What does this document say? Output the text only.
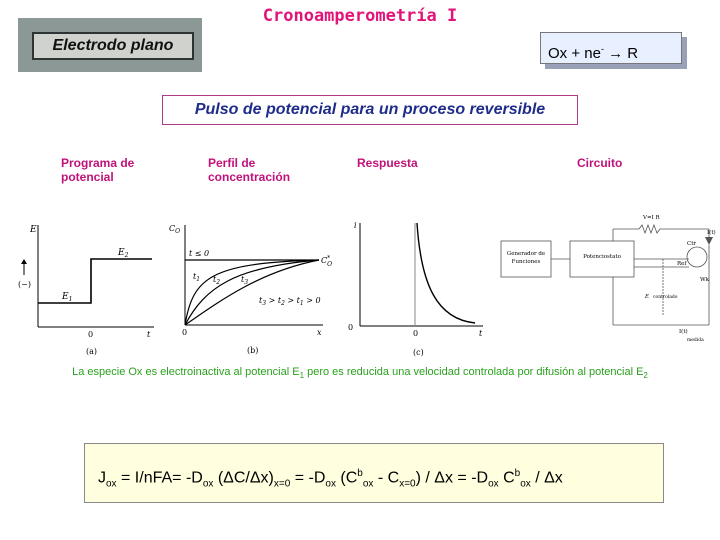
Cronoamperometría I
Electrodo plano	Ox + ne- → R
Pulso de potencial para un proceso reversible
Programa de
potencial
Perfil de
concentración
Respuesta	Circuito
E
$E_1$
$E_2$
(−)
0	t
(a)
$C_O$
C* O
t ≤ 0
$t_1$ $t_2$	$t_3$
$t_3 > t_2 > t_1 > 0$
0	x
(b)
i
0
0	t
(c)
Generador de
Funciones
Potenciostato
V=I R
I(t)
Ctr
Ref
Wk
E controlado
I(t)
medida
La especie Ox es electroinactiva al potencial $E_1$ pero es reducida una velocidad controlada por difusión al potencial $E_2$
$J_{ox} = I/nFA= -D_{ox}$ $(\Delta C/\Delta x)_{x=0} = -D_{ox}$ $(C^b_{ox} - C_{x=0}) / \Delta x = -D_{ox}$ $C^b_{ox}$ / Δx
